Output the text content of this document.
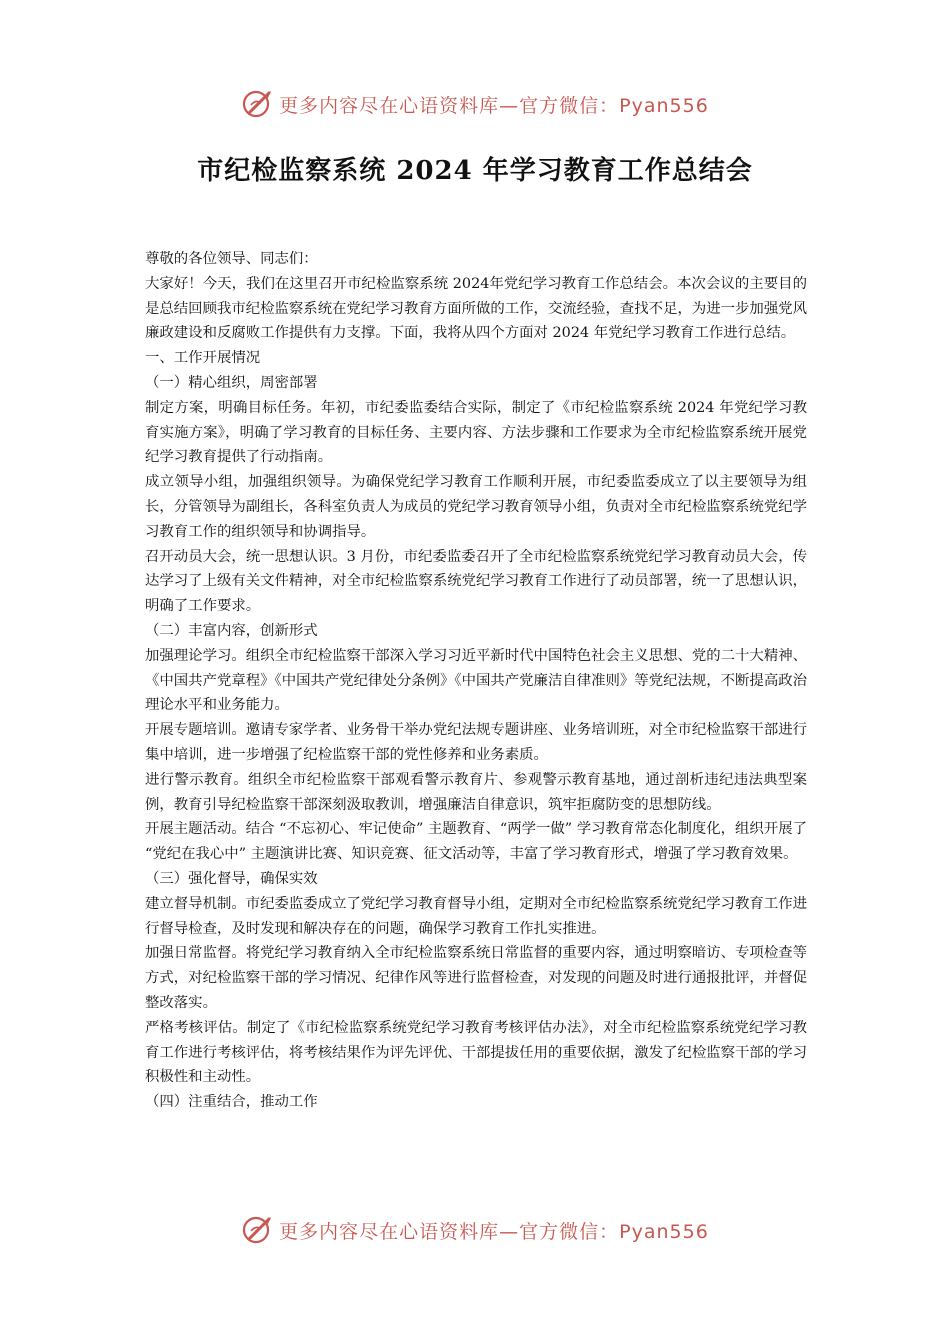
更多内容尽在心语资料库—官方微信：Pyan556
市纪检监察系统 2024 年学习教育工作总结会

尊敬的各位领导、同志们：

大家好！今天，我们在这里召开市纪检监察系统 2024年党纪学习教育工作总结会。本次会议的主要目的是总结回顾我市纪检监察系统在党纪学习教育方面所做的工作，交流经验，查找不足，为进一步加强党风廉政建设和反腐败工作提供有力支撑。下面，我将从四个方面对 2024 年党纪学习教育工作进行总结。

一、工作开展情况

（一）精心组织，周密部署

制定方案，明确目标任务。年初，市纪委监委结合实际，制定了《市纪检监察系统 2024 年党纪学习教育实施方案》，明确了学习教育的目标任务、主要内容、方法步骤和工作要求为全市纪检监察系统开展党纪学习教育提供了行动指南。

成立领导小组，加强组织领导。为确保党纪学习教育工作顺利开展，市纪委监委成立了以主要领导为组长，分管领导为副组长，各科室负责人为成员的党纪学习教育领导小组，负责对全市纪检监察系统党纪学习教育工作的组织领导和协调指导。

召开动员大会，统一思想认识。3 月份，市纪委监委召开了全市纪检监察系统党纪学习教育动员大会，传达学习了上级有关文件精神，对全市纪检监察系统党纪学习教育工作进行了动员部署，统一了思想认识，明确了工作要求。

（二）丰富内容，创新形式

加强理论学习。组织全市纪检监察干部深入学习习近平新时代中国特色社会主义思想、党的二十大精神、《中国共产党章程》《中国共产党纪律处分条例》《中国共产党廉洁自律准则》等党纪法规，不断提高政治理论水平和业务能力。

开展专题培训。邀请专家学者、业务骨干举办党纪法规专题讲座、业务培训班，对全市纪检监察干部进行集中培训，进一步增强了纪检监察干部的党性修养和业务素质。

进行警示教育。组织全市纪检监察干部观看警示教育片、参观警示教育基地，通过剖析违纪违法典型案例，教育引导纪检监察干部深刻汲取教训，增强廉洁自律意识，筑牢拒腐防变的思想防线。

开展主题活动。结合 “不忘初心、牢记使命” 主题教育、“两学一做” 学习教育常态化制度化，组织开展了 “党纪在我心中” 主题演讲比赛、知识竞赛、征文活动等，丰富了学习教育形式，增强了学习教育效果。

（三）强化督导，确保实效

建立督导机制。市纪委监委成立了党纪学习教育督导小组，定期对全市纪检监察系统党纪学习教育工作进行督导检查，及时发现和解决存在的问题，确保学习教育工作扎实推进。

加强日常监督。将党纪学习教育纳入全市纪检监察系统日常监督的重要内容，通过明察暗访、专项检查等方式，对纪检监察干部的学习情况、纪律作风等进行监督检查，对发现的问题及时进行通报批评，并督促整改落实。

严格考核评估。制定了《市纪检监察系统党纪学习教育考核评估办法》，对全市纪检监察系统党纪学习教育工作进行考核评估，将考核结果作为评先评优、干部提拔任用的重要依据，激发了纪检监察干部的学习积极性和主动性。

（四）注重结合，推动工作

更多内容尽在心语资料库—官方微信：Pyan556
